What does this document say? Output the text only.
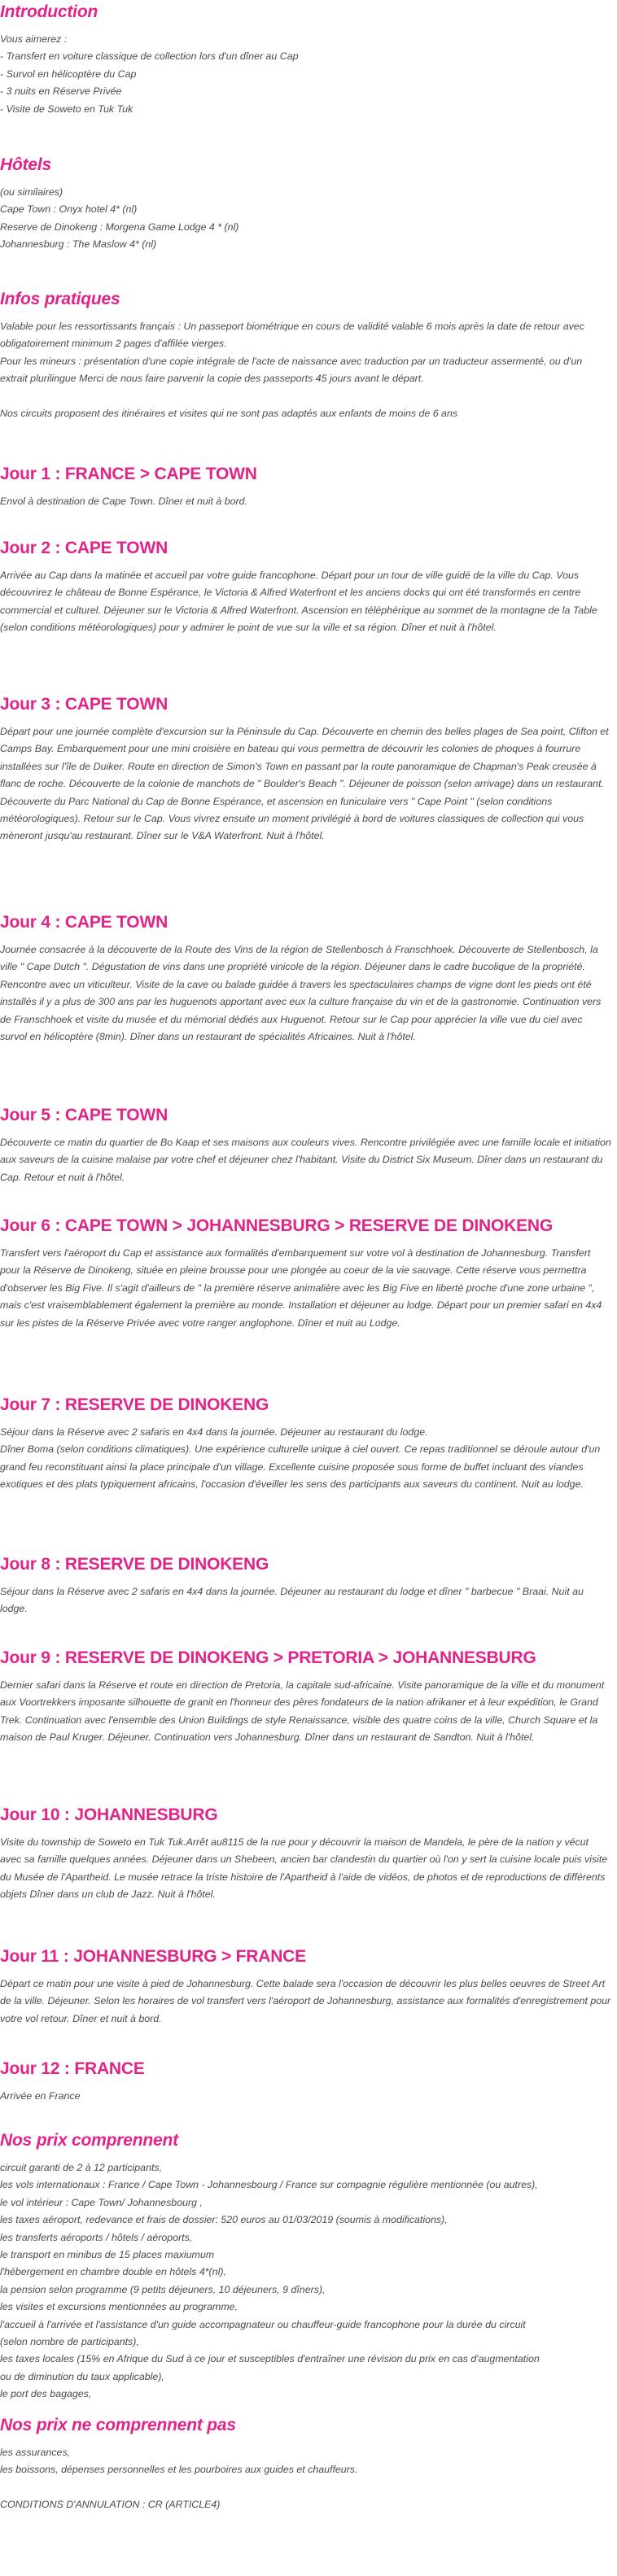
Introduction
Vous aimerez :
- Transfert en voiture classique de collection lors d'un dîner au Cap
- Survol en hélicoptère du Cap
- 3 nuits en Réserve Privée
- Visite de Soweto en Tuk Tuk
Hôtels
(ou similaires)
Cape Town : Onyx hotel 4* (nl)
Reserve de Dinokeng : Morgena Game Lodge 4 * (nl)
Johannesburg : The Maslow 4* (nl)
Infos pratiques
Valable pour les ressortissants français : Un passeport biométrique en cours de validité valable 6 mois après la date de retour avec obligatoirement minimum 2 pages d'affilée vierges.
Pour les mineurs : présentation d'une copie intégrale de l'acte de naissance avec traduction par un traducteur assermenté, ou d'un extrait plurilingue Merci de nous faire parvenir la copie des passeports 45 jours avant le départ.
Nos circuits proposent des itinéraires et visites qui ne sont pas adaptés aux enfants de moins de 6 ans
Jour 1 : FRANCE > CAPE TOWN
Envol à destination de Cape Town. Dîner et nuit à bord.
Jour 2 : CAPE TOWN
Arrivée au Cap dans la matinée et accueil par votre guide francophone. Départ pour un tour de ville guidé de la ville du Cap. Vous découvrirez le château de Bonne Espérance, le Victoria & Alfred Waterfront et les anciens docks qui ont été transformés en centre commercial et culturel. Déjeuner sur le Victoria & Alfred Waterfront. Ascension en téléphérique au sommet de la montagne de la Table (selon conditions météorologiques) pour y admirer le point de vue sur la ville et sa région. Dîner et nuit à l'hôtel.
Jour 3 : CAPE TOWN
Départ pour une journée complète d'excursion sur la Péninsule du Cap. Découverte en chemin des belles plages de Sea point, Clifton et Camps Bay. Embarquement pour une mini croisière en bateau qui vous permettra de découvrir les colonies de phoques à fourrure installées sur l'île de Duiker. Route en direction de Simon's Town en passant par la route panoramique de Chapman's Peak creusée à flanc de roche. Découverte de la colonie de manchots de " Boulder's Beach ". Déjeuner de poisson (selon arrivage) dans un restaurant. Découverte du Parc National du Cap de Bonne Espérance, et ascension en funiculaire vers " Cape Point " (selon conditions météorologiques). Retour sur le Cap. Vous vivrez ensuite un moment privilégié à bord de voitures classiques de collection qui vous mèneront jusqu'au restaurant. Dîner sur le V&A Waterfront. Nuit à l'hôtel.
Jour 4 : CAPE TOWN
Journée consacrée à la découverte de la Route des Vins de la région de Stellenbosch à Franschhoek. Découverte de Stellenbosch, la ville " Cape Dutch ". Dégustation de vins dans une propriété vinicole de la région. Déjeuner dans le cadre bucolique de la propriété. Rencontre avec un viticulteur. Visite de la cave ou balade guidée à travers les spectaculaires champs de vigne dont les pieds ont été installés il y a plus de 300 ans par les huguenots apportant avec eux la culture française du vin et de la gastronomie. Continuation vers de Franschhoek et visite du musée et du mémorial dédiés aux Huguenot. Retour sur le Cap pour apprécier la ville vue du ciel avec survol en hélicoptère (8min). Dîner dans un restaurant de spécialités Africaines. Nuit à l'hôtel.
Jour 5 : CAPE TOWN
Découverte ce matin du quartier de Bo Kaap et ses maisons aux couleurs vives. Rencontre privilégiée avec une famille locale et initiation aux saveurs de la cuisine malaise par votre chef et déjeuner chez l'habitant. Visite du District Six Museum. Dîner dans un restaurant du Cap. Retour et nuit à l'hôtel.
Jour 6 : CAPE TOWN > JOHANNESBURG > RESERVE DE DINOKENG
Transfert vers l'aéroport du Cap et assistance aux formalités d'embarquement sur votre vol à destination de Johannesburg. Transfert pour la Réserve de Dinokeng, située en pleine brousse pour une plongée au coeur de la vie sauvage. Cette réserve vous permettra d'observer les Big Five. Il s'agit d'ailleurs de " la première réserve animalière avec les Big Five en liberté proche d'une zone urbaine ", mais c'est vraisemblablement également la première au monde. Installation et déjeuner au lodge. Départ pour un premier safari en 4x4 sur les pistes de la Réserve Privée avec votre ranger anglophone. Dîner et nuit au Lodge.
Jour 7 : RESERVE DE DINOKENG
Séjour dans la Réserve avec 2 safaris en 4x4 dans la journée. Déjeuner au restaurant du lodge.
Dîner Boma (selon conditions climatiques). Une expérience culturelle unique à ciel ouvert. Ce repas traditionnel se déroule autour d'un grand feu reconstituant ainsi la place principale d'un village. Excellente cuisine proposée sous forme de buffet incluant des viandes exotiques et des plats typiquement africains, l'occasion d'éveiller les sens des participants aux saveurs du continent. Nuit au lodge.
Jour 8 : RESERVE DE DINOKENG
Séjour dans la Réserve avec 2 safaris en 4x4 dans la journée. Déjeuner au restaurant du lodge et dîner " barbecue " Braai. Nuit au lodge.
Jour 9 : RESERVE DE DINOKENG > PRETORIA > JOHANNESBURG
Dernier safari dans la Réserve et route en direction de Pretoria, la capitale sud-africaine. Visite panoramique de la ville et du monument aux Voortrekkers imposante silhouette de granit en l'honneur des pères fondateurs de la nation afrikaner et à leur expédition, le Grand Trek. Continuation avec l'ensemble des Union Buildings de style Renaissance, visible des quatre coins de la ville, Church Square et la maison de Paul Kruger. Déjeuner. Continuation vers Johannesburg. Dîner dans un restaurant de Sandton. Nuit à l'hôtel.
Jour 10 : JOHANNESBURG
Visite du township de Soweto en Tuk Tuk.Arrêt au8115 de la rue pour y découvrir la maison de Mandela, le père de la nation y vécut avec sa famille quelques années. Déjeuner dans un Shebeen, ancien bar clandestin du quartier où l'on y sert la cuisine locale puis visite du Musée de l'Apartheid. Le musée retrace la triste histoire de l'Apartheid à l'aide de vidéos, de photos et de reproductions de différents objets Dîner dans un club de Jazz. Nuit à l'hôtel.
Jour 11 : JOHANNESBURG > FRANCE
Départ ce matin pour une visite à pied de Johannesburg. Cette balade sera l'occasion de découvrir les plus belles oeuvres de Street Art de la ville. Déjeuner. Selon les horaires de vol transfert vers l'aéroport de Johannesburg, assistance aux formalités d'enregistrement pour votre vol retour. Dîner et nuit à bord.
Jour 12 : FRANCE
Arrivée en France
Nos prix comprennent
circuit garanti de 2 à 12 participants,
les vols internationaux : France / Cape Town - Johannesbourg / France sur compagnie régulière mentionnée (ou autres),
le vol intérieur : Cape Town/ Johannesbourg ,
les taxes aéroport, redevance et frais de dossier: 520 euros au 01/03/2019 (soumis à modifications),
les transferts aéroports / hôtels / aéroports,
le transport en minibus de 15 places maxiumum
l'hébergement en chambre double en hôtels 4*(nl),
la pension selon programme (9 petits déjeuners, 10 déjeuners, 9 dîners),
les visites et excursions mentionnées au programme,
l'accueil à l'arrivée et l'assistance d'un guide accompagnateur ou chauffeur-guide francophone pour la durée du circuit
(selon nombre de participants),
les taxes locales (15% en Afrique du Sud à ce jour et susceptibles d'entraîner une révision du prix en cas d'augmentation
ou de diminution du taux applicable),
le port des bagages,
Nos prix ne comprennent pas
les assurances,
les boissons, dépenses personnelles et les pourboires aux guides et chauffeurs.
CONDITIONS D'ANNULATION : CR (ARTICLE4)
